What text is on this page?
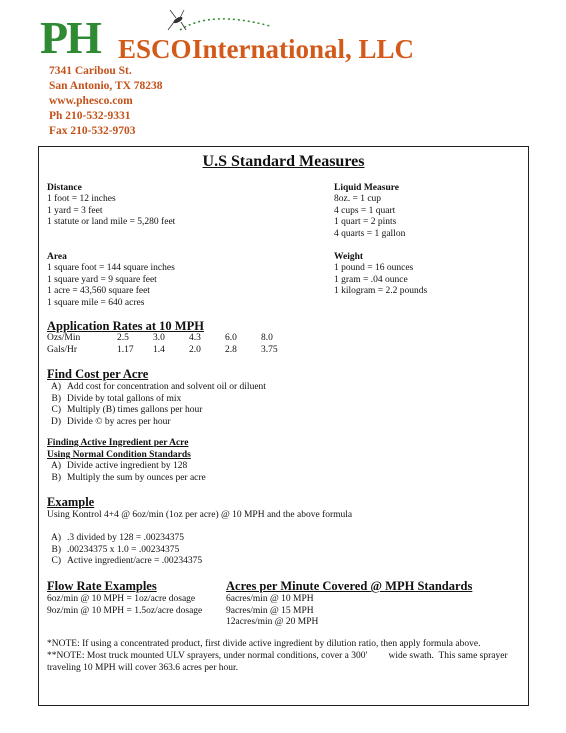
PH ESCO International, LLC
7341 Caribou St.
San Antonio, TX 78238
www.phesco.com
Ph 210-532-9331
Fax 210-532-9703
U.S Standard Measures
Distance
1 foot = 12 inches
1 yard = 3 feet
1 statute or land mile = 5,280 feet
Liquid Measure
8oz. = 1 cup
4 cups = 1 quart
1 quart = 2 pints
4 quarts = 1 gallon
Area
1 square foot = 144 square inches
1 square yard = 9 square feet
1 acre = 43,560 square feet
1 square mile = 640 acres
Weight
1 pound = 16 ounces
1 gram = .04 ounce
1 kilogram = 2.2 pounds
Application Rates at 10 MPH
Ozs/Min	2.5	3.0	4.3	6.0	8.0
Gals/Hr	1.17	1.4	2.0	2.8	3.75
Find Cost per Acre
A) Add cost for concentration and solvent oil or diluent
B) Divide by total gallons of mix
C) Multiply (B) times gallons per hour
D) Divide © by acres per hour
Finding Active Ingredient per Acre
Using Normal Condition Standards
A) Divide active ingredient by 128
B) Multiply the sum by ounces per acre
Example
Using Kontrol 4+4 @ 6oz/min (1oz per acre) @ 10 MPH and the above formula
A) .3 divided by 128 = .00234375
B) .00234375 x 1.0 = .00234375
C) Active ingredient/acre = .00234375
Flow Rate Examples
6oz/min @ 10 MPH = 1oz/acre dosage
9oz/min @ 10 MPH = 1.5oz/acre dosage
Acres per Minute Covered @ MPH Standards
6acres/min @ 10 MPH
9acres/min @ 15 MPH
12acres/min @ 20 MPH
*NOTE: If using a concentrated product, first divide active ingredient by dilution ratio, then apply formula above.
**NOTE: Most truck mounted ULV sprayers, under normal conditions, cover a 300'         wide swath.  This same sprayer traveling 10 MPH will cover 363.6 acres per hour.
